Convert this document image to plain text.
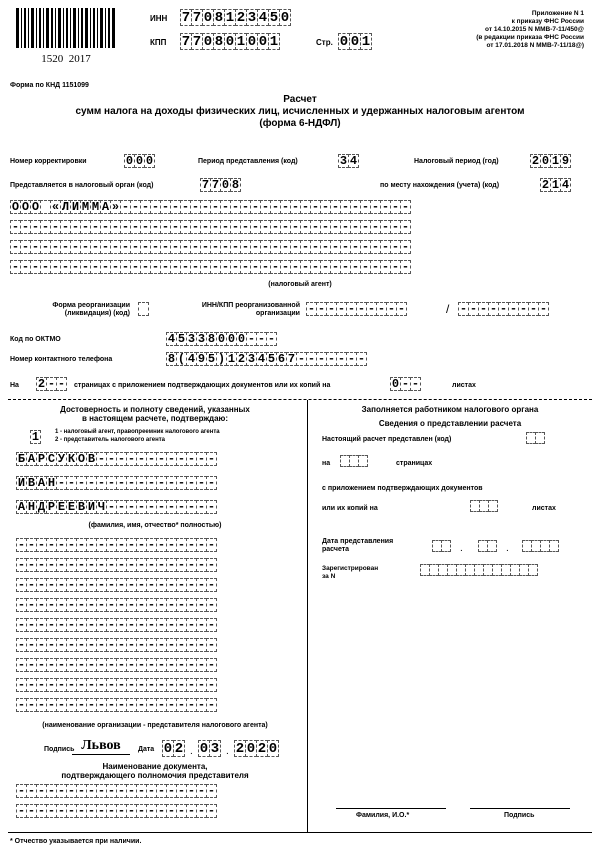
1520  2017
ИНН 7 7 0 8 1 2 3 4 5 0
КПП 7 7 0 8 0 1 0 0 1	Стр. 0 0 1
Приложение N 1
к приказу ФНС России
от 14.10.2015 N ММВ-7-11/450@
(в редакции приказа ФНС России
от 17.01.2018 N ММВ-7-11/18@)
Форма по КНД 1151099
Расчет
сумм налога на доходы физических лиц, исчисленных и удержанных налоговым агентом
(форма 6-НДФЛ)
Номер корректировки	0 0 0	Период представления (код)	3 4	Налоговый период (год)	2 0 1 9
Представляется в налоговый орган (код)	7 7 0 8	по месту нахождения (учета) (код)	2 1 4
О О О « Л И М М А » - - - - - - - - - - - - - - - - - - - - - - - - - - - - -
- - - - - - - - - - - - - - - - - - - - - - - - - - - - - - - - - - - - - - - -
- - - - - - - - - - - - - - - - - - - - - - - - - - - - - - - - - - - - - - - -
- - - - - - - - - - - - - - - - - - - - - - - - - - - - - - - - - - - - - - - -
(налоговый агент)
Форма реорганизации
(ликвидация) (код)
ИНН/КПП реорганизованной
организации - - - - - - - - - -	/ - - - - - - - - -
Код по ОКТМО	4 5 3 3 8 0 0 0 - - -
Номер контактного телефона	8 ( 4 9 5 ) 1 2 3 4 5 6 7 - - - - - - -
На 2 - - страницах с приложением подтверждающих документов или их копий на	0 - -	листах
Достоверность и полноту сведений, указанных
в настоящем расчете, подтверждаю:
1	1 - налоговый агент, правопреемник налогового агента
2 - представитель налогового агента
Б А Р С У К О В - - - - - - - - - - - -
И В А Н - - - - - - - - - - - - - - - -
А Н Д Р Е Е В И Ч - - - - - - - - - - -
(фамилия, имя, отчество* полностью)
- - - - - - - - - - - - - - - - - - - -
- - - - - - - - - - - - - - - - - - - -
- - - - - - - - - - - - - - - - - - - -
- - - - - - - - - - - - - - - - - - - -
- - - - - - - - - - - - - - - - - - - -
- - - - - - - - - - - - - - - - - - - -
- - - - - - - - - - - - - - - - - - - -
- - - - - - - - - - - - - - - - - - - -
- - - - - - - - - - - - - - - - - - - -
(наименование организации - представителя налогового агента)
Подпись Львов	Дата 0 2 . 0 3 . 2 0 2 0
Наименование документа,
подтверждающего полномочия представителя
- - - - - - - - - - - - - - - - - - - -
- - - - - - - - - - - - - - - - - - - -
Заполняется работником налогового органа
Сведения о представлении расчета
Настоящий расчет представлен (код)
на	страницах
с приложением подтверждающих документов
или их копий на	листах
Дата представления
расчета	.	.
Зарегистрирован
за N
Фамилия, И.О.*	Подпись
* Отчество указывается при наличии.
